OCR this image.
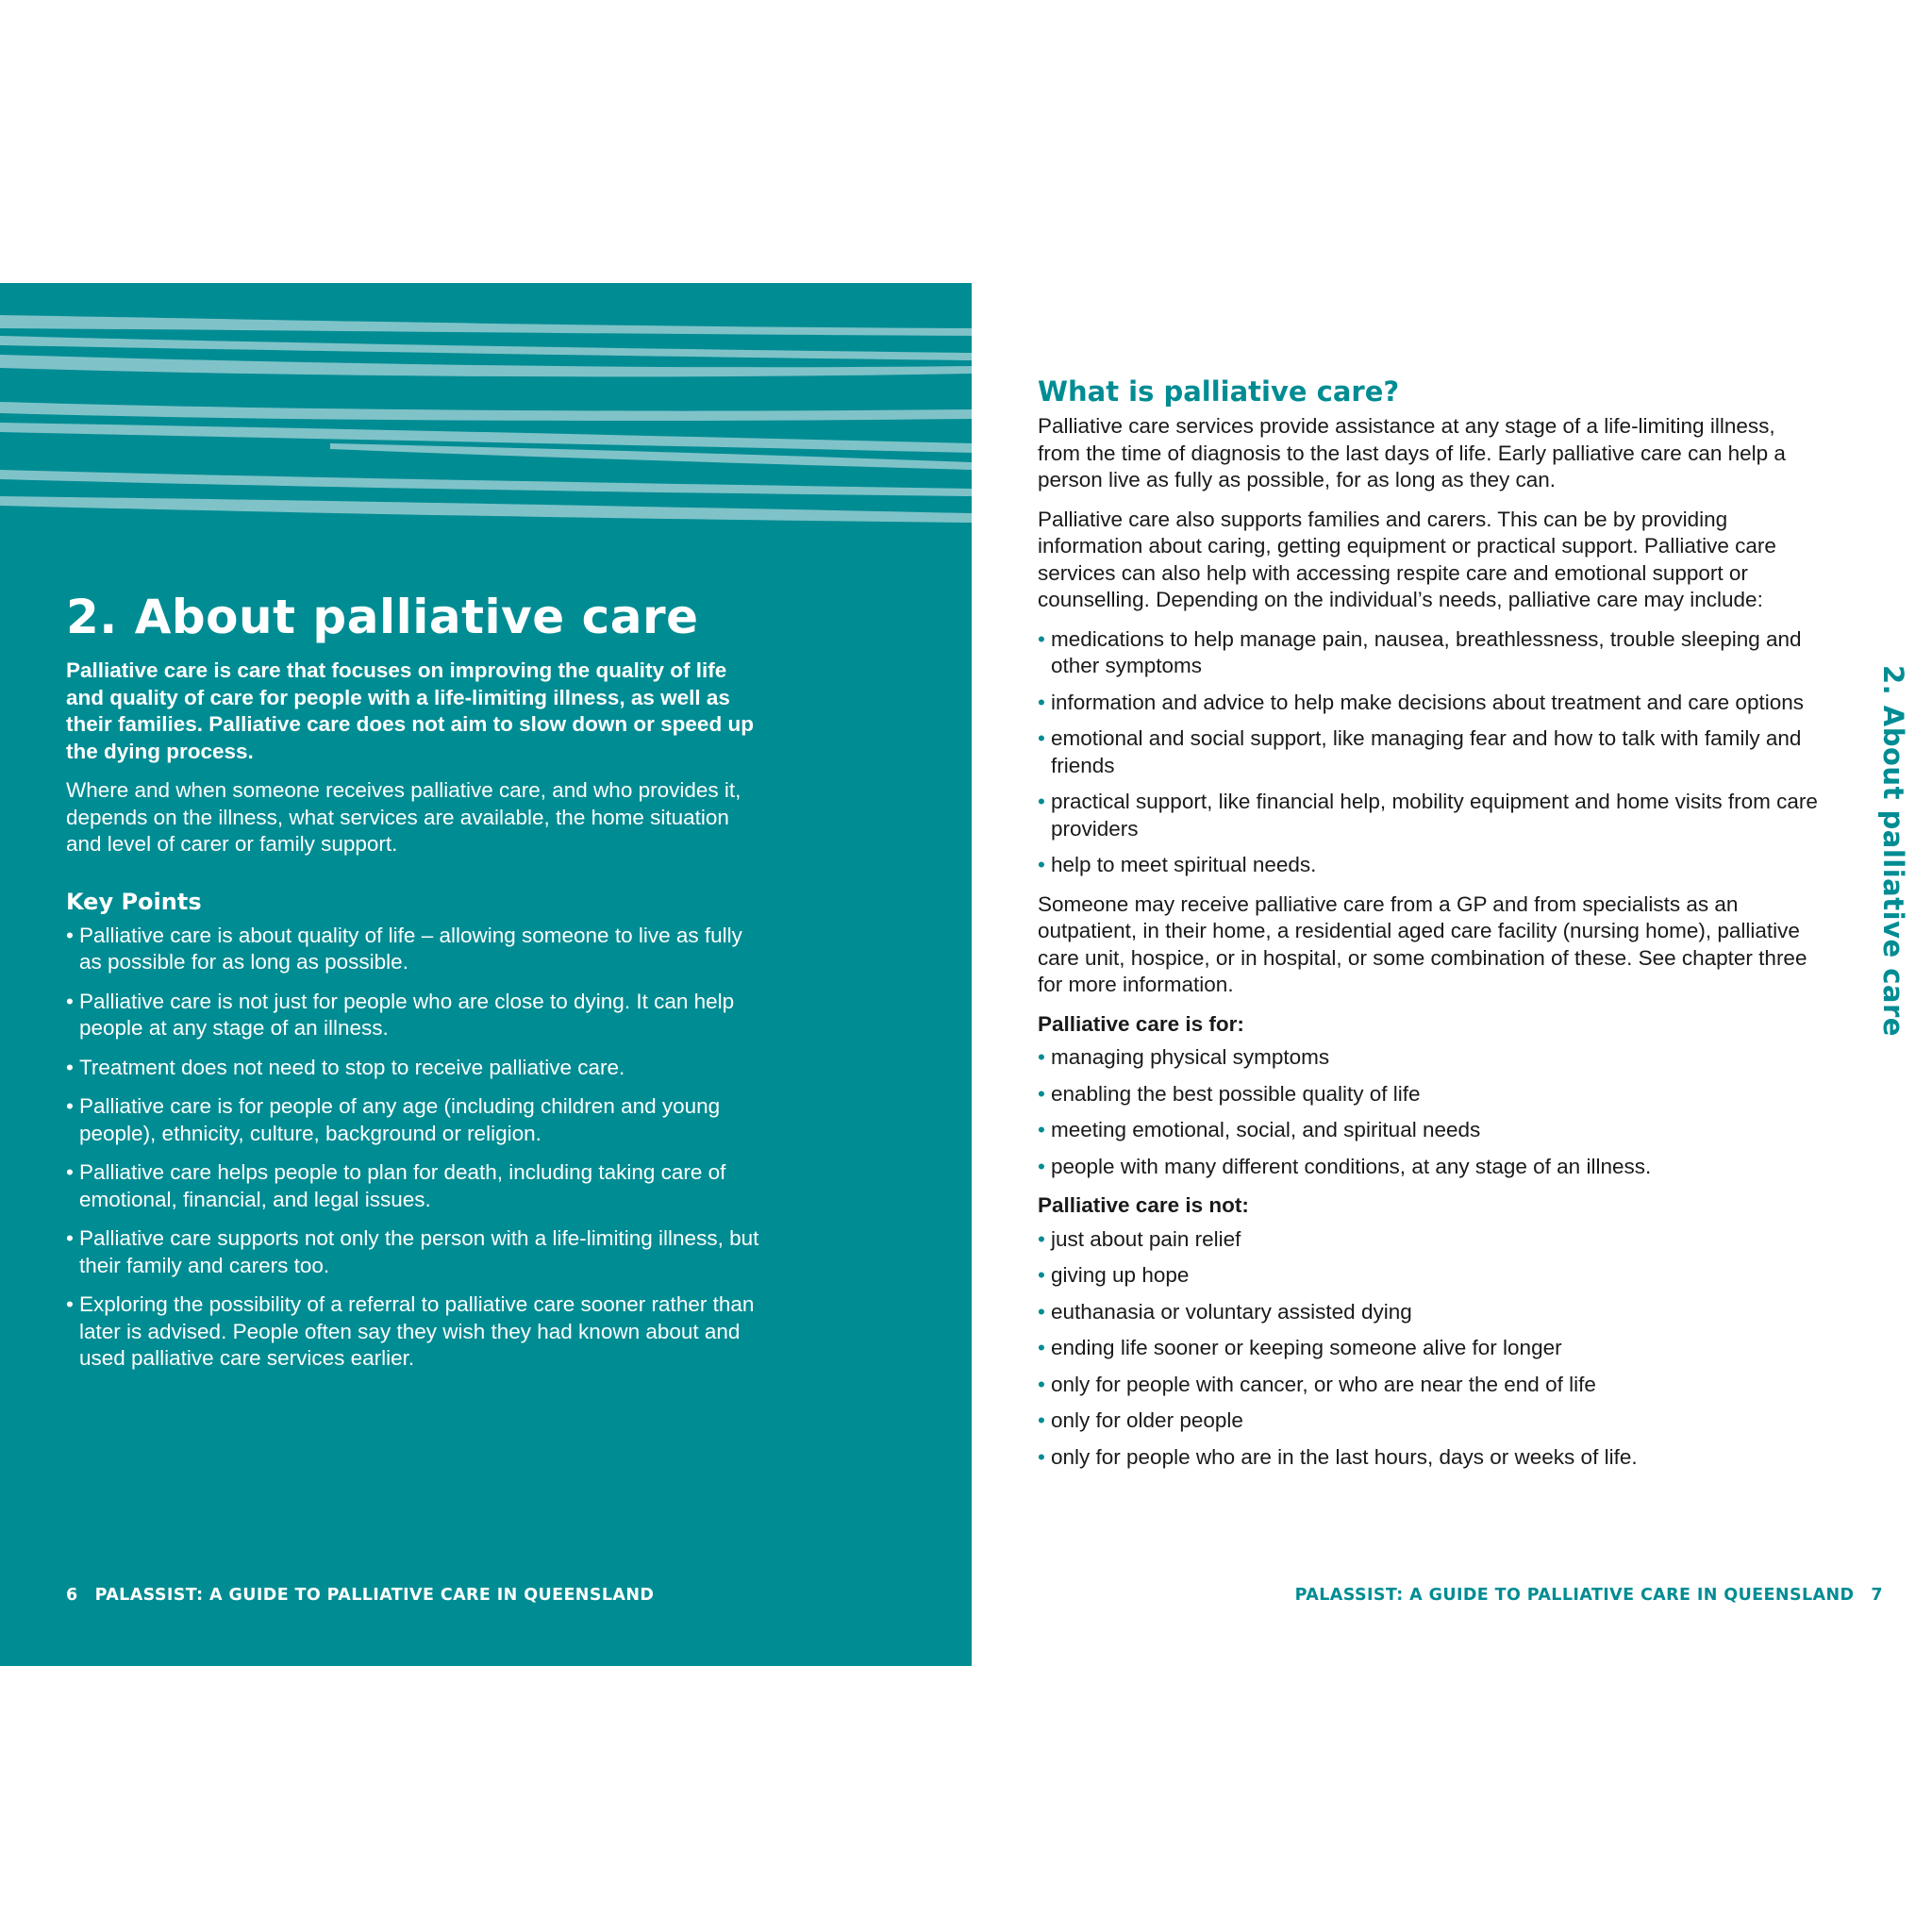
2. About palliative care

Palliative care is care that focuses on improving the quality of life and quality of care for people with a life-limiting illness, as well as their families. Palliative care does not aim to slow down or speed up the dying process.

Where and when someone receives palliative care, and who provides it, depends on the illness, what services are available, the home situation and level of carer or family support.

Key Points
• Palliative care is about quality of life – allowing someone to live as fully as possible for as long as possible.
• Palliative care is not just for people who are close to dying. It can help people at any stage of an illness.
• Treatment does not need to stop to receive palliative care.
• Palliative care is for people of any age (including children and young people), ethnicity, culture, background or religion.
• Palliative care helps people to plan for death, including taking care of emotional, financial, and legal issues.
• Palliative care supports not only the person with a life-limiting illness, but their family and carers too.
• Exploring the possibility of a referral to palliative care sooner rather than later is advised. People often say they wish they had known about and used palliative care services earlier.
6 PALASSIST: A GUIDE TO PALLIATIVE CARE IN QUEENSLAND
What is palliative care?

Palliative care services provide assistance at any stage of a life-limiting illness, from the time of diagnosis to the last days of life. Early palliative care can help a person live as fully as possible, for as long as they can.

Palliative care also supports families and carers. This can be by providing information about caring, getting equipment or practical support. Palliative care services can also help with accessing respite care and emotional support or counselling. Depending on the individual’s needs, palliative care may include:

• medications to help manage pain, nausea, breathlessness, trouble sleeping and other symptoms
• information and advice to help make decisions about treatment and care options
• emotional and social support, like managing fear and how to talk with family and friends
• practical support, like financial help, mobility equipment and home visits from care providers
• help to meet spiritual needs.

Someone may receive palliative care from a GP and from specialists as an outpatient, in their home, a residential aged care facility (nursing home), palliative care unit, hospice, or in hospital, or some combination of these. See chapter three for more information.

Palliative care is for:
• managing physical symptoms
• enabling the best possible quality of life
• meeting emotional, social, and spiritual needs
• people with many different conditions, at any stage of an illness.
Palliative care is not:
• just about pain relief
• giving up hope
• euthanasia or voluntary assisted dying
• ending life sooner or keeping someone alive for longer
• only for people with cancer, or who are near the end of life
• only for older people
• only for people who are in the last hours, days or weeks of life.
2. About palliative care
PALASSIST: A GUIDE TO PALLIATIVE CARE IN QUEENSLAND 7
